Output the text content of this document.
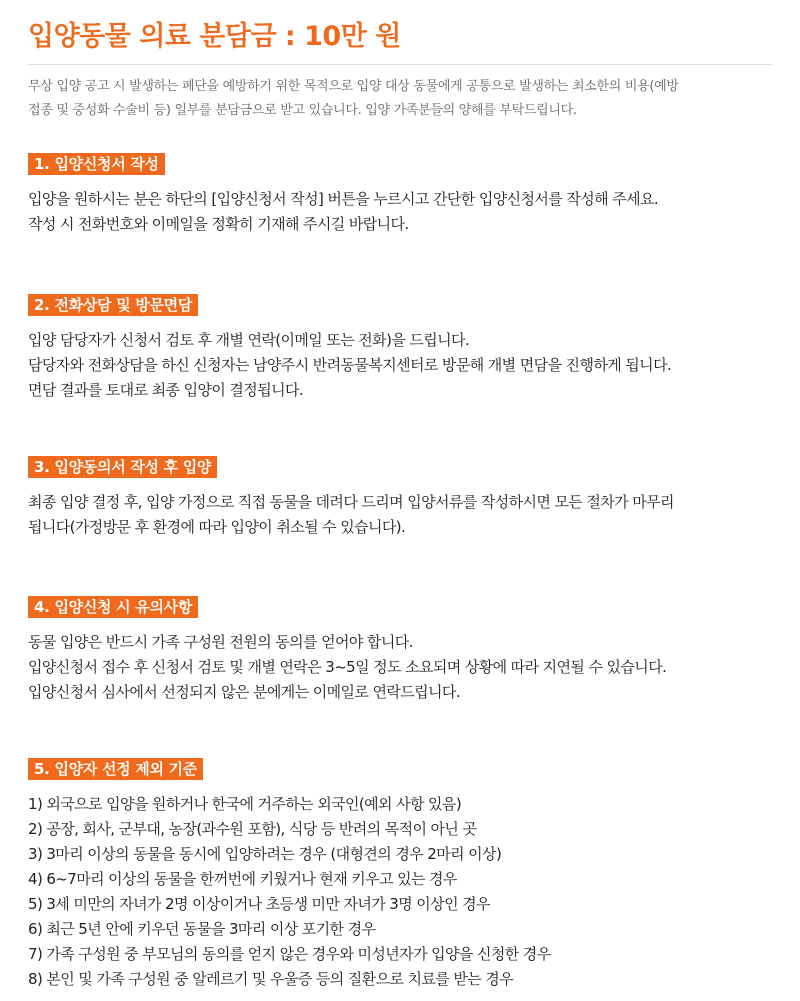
입양동물 의료 분담금 : 10만 원
무상 입양 공고 시 발생하는 폐단을 예방하기 위한 목적으로 입양 대상 동물에게 공통으로 발생하는 최소한의 비용(예방
접종 및 중성화 수술비 등) 일부를 분담금으로 받고 있습니다. 입양 가족분들의 양해를 부탁드립니다.
1. 입양신청서 작성
입양을 원하시는 분은 하단의 [입양신청서 작성] 버튼을 누르시고 간단한 입양신청서를 작성해 주세요.
작성 시 전화번호와 이메일을 정확히 기재해 주시길 바랍니다.
2. 전화상담 및 방문면담
입양 담당자가 신청서 검토 후 개별 연락(이메일 또는 전화)을 드립니다.
담당자와 전화상담을 하신 신청자는 남양주시 반려동물복지센터로 방문해 개별 면담을 진행하게 됩니다.
면담 결과를 토대로 최종 입양이 결정됩니다.
3. 입양동의서 작성 후 입양
최종 입양 결정 후, 입양 가정으로 직접 동물을 데려다 드리며 입양서류를 작성하시면 모든 절차가 마무리
됩니다(가정방문 후 환경에 따라 입양이 취소될 수 있습니다).
4. 입양신청 시 유의사항
동물 입양은 반드시 가족 구성원 전원의 동의를 얻어야 합니다.
입양신청서 접수 후 신청서 검토 및 개별 연락은 3~5일 정도 소요되며 상황에 따라 지연될 수 있습니다.
입양신청서 심사에서 선정되지 않은 분에게는 이메일로 연락드립니다.
5. 입양자 선정 제외 기준
1) 외국으로 입양을 원하거나 한국에 거주하는 외국인(예외 사항 있음)
2) 공장, 회사, 군부대, 농장(과수원 포함), 식당 등 반려의 목적이 아닌 곳
3) 3마리 이상의 동물을 동시에 입양하려는 경우 (대형견의 경우 2마리 이상)
4) 6~7마리 이상의 동물을 한꺼번에 키웠거나 현재 키우고 있는 경우
5) 3세 미만의 자녀가 2명 이상이거나 초등생 미만 자녀가 3명 이상인 경우
6) 최근 5년 안에 키우던 동물을 3마리 이상 포기한 경우
7) 가족 구성원 중 부모님의 동의를 얻지 않은 경우와 미성년자가 입양을 신청한 경우
8) 본인 및 가족 구성원 중 알레르기 및 우울증 등의 질환으로 치료를 받는 경우
